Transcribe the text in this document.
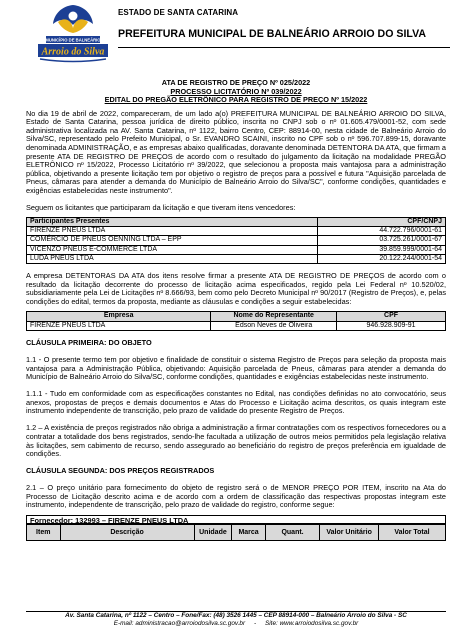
MUNICÍPIO DE BALNEÁRIO
Arroio do Silva
ESTADO DE SANTA CATARINA
PREFEITURA MUNICIPAL DE BALNEÁRIO ARROIO DO SILVA
ATA DE REGISTRO DE PREÇO Nº 025/2022
PROCESSO LICITATÓRIO Nº 039/2022
EDITAL DO PREGÃO ELETRÔNICO PARA REGISTRO DE PREÇO Nº 15/2022

No dia 19 de abril de 2022, compareceram, de um lado a(o) PREFEITURA MUNICIPAL DE BALNEÁRIO ARROIO DO SILVA, Estado de Santa Catarina, pessoa jurídica de direito público, inscrita no CNPJ sob o nº 01.605.479/0001-52, com sede administrativa localizada na AV. Santa Catarina, nº 1122, bairro Centro, CEP: 88914-00, nesta cidade de Balneário Arroio do Silva/SC, representado pelo Prefeito Municipal, o Sr. EVANDRO SCAINI, inscrito no CPF sob o nº 596.707.899-15, doravante denominada ADMINISTRAÇÃO, e as empresas abaixo qualificadas, doravante denominada DETENTORA DA ATA, que firmam a presente ATA DE REGISTRO DE PREÇOS de acordo com o resultado do julgamento da licitação na modalidade PREGÃO ELETRÔNICO nº 15/2022, Processo Licitatório nº 39/2022, que selecionou a proposta mais vantajosa para a administração pública, objetivando a presente licitação tem por objetivo o registro de preços para a possível e futura "Aquisição parcelada de Pneus, câmaras para atender a demanda do Município de Balneário Arroio do Silva/SC", conforme condições, quantidades e exigências estabelecidas neste instrumento".

Seguem os licitantes que participaram da licitação e que tiveram itens vencedores:

Participantes Presentes	CPF/CNPJ
FIRENZE PNEUS LTDA	44.722.796/0001-61
COMÉRCIO DE PNEUS OENNING LTDA – EPP	03.725.261/0001-67
VICENZO PNEUS E-COMMERCE LTDA	39.859.999/0001-64
LUDA PNEUS LTDA	20.122.244/0001-54

A empresa DETENTORAS DA ATA dos itens resolve firmar a presente ATA DE REGISTRO DE PREÇOS de acordo com o resultado da licitação decorrente do processo de licitação acima especificados, regido pela Lei Federal nº 10.520/02, subsidiariamente pela Lei de Licitações nº 8.666/93, bem como pelo Decreto Municipal nº 90/2017 (Registro de Preços), e, pelas condições do edital, termos da proposta, mediante as cláusulas e condições a seguir estabelecidas:

Empresa	Nome do Representante	CPF
FIRENZE PNEUS LTDA	Edson Neves de Oliveira	946.928.909-91

CLÁUSULA PRIMEIRA: DO OBJETO

1.1 - O presente termo tem por objetivo e finalidade de constituir o sistema Registro de Preços para seleção da proposta mais vantajosa para a Administração Pública, objetivando: Aquisição parcelada de Pneus, câmaras para atender a demanda do Município de Balneário Arroio do Silva/SC, conforme condições, quantidades e exigências estabelecidas neste instrumento.

1.1.1 - Tudo em conformidade com as especificações constantes no Edital, nas condições definidas no ato convocatório, seus anexos, propostas de preços e demais documentos e Atas do Processo e Licitação acima descritos, os quais integram este instrumento independente de transcrição, pelo prazo de validade do presente Registro de Preços.

1.2 – A existência de preços registrados não obriga a administração a firmar contratações com os respectivos fornecedores ou a contratar a totalidade dos bens registrados, sendo-lhe facultada a utilização de outros meios permitidos pela legislação relativa às licitações, sem cabimento de recurso, sendo assegurado ao beneficiário do registro de preços preferência em igualdade de condições.

CLÁUSULA SEGUNDA: DOS PREÇOS REGISTRADOS

2.1 – O preço unitário para fornecimento do objeto de registro será o de MENOR PREÇO POR ITEM, inscrito na Ata do Processo de Licitação descrito acima e de acordo com a ordem de classificação das respectivas propostas integram este instrumento, independente de transcrição, pelo prazo de validade do registro, conforme segue:

Fornecedor: 132993 – FIRENZE PNEUS LTDA
Item	Descrição	Unidade	Marca	Quant.	Valor Unitário	Valor Total
Av. Santa Catarina, nº 1122 – Centro – Fone/Fax: (48) 3526 1445 – CEP 88914-000 – Balneário Arroio do Silva - SC
E-mail: administracao@arroiodosilva.sc.gov.br - Site: www.arroiodosilva.sc.gov.br
